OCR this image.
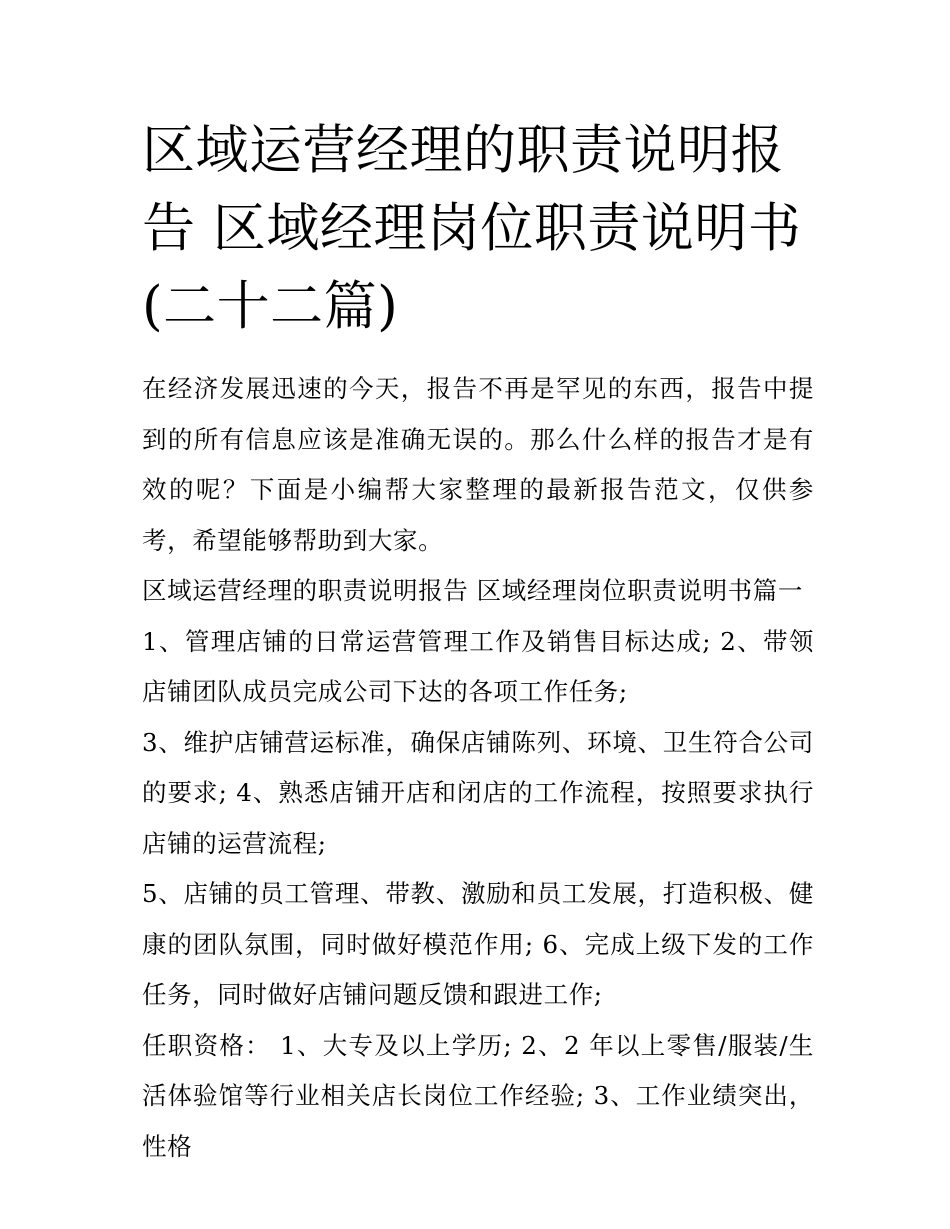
区域运营经理的职责说明报告 区域经理岗位职责说明书(二十二篇)

在经济发展迅速的今天，报告不再是罕见的东西，报告中提到的所有信息应该是准确无误的。那么什么样的报告才是有效的呢？下面是小编帮大家整理的最新报告范文，仅供参考，希望能够帮助到大家。

区域运营经理的职责说明报告 区域经理岗位职责说明书篇一

1、管理店铺的日常运营管理工作及销售目标达成; 2、带领店铺团队成员完成公司下达的各项工作任务;

3、维护店铺营运标准，确保店铺陈列、环境、卫生符合公司的要求; 4、熟悉店铺开店和闭店的工作流程，按照要求执行店铺的运营流程;

5、店铺的员工管理、带教、激励和员工发展，打造积极、健康的团队氛围，同时做好模范作用; 6、完成上级下发的工作任务，同时做好店铺问题反馈和跟进工作;

任职资格： 1、大专及以上学历; 2、2 年以上零售/服装/生活体验馆等行业相关店长岗位工作经验; 3、工作业绩突出，性格
